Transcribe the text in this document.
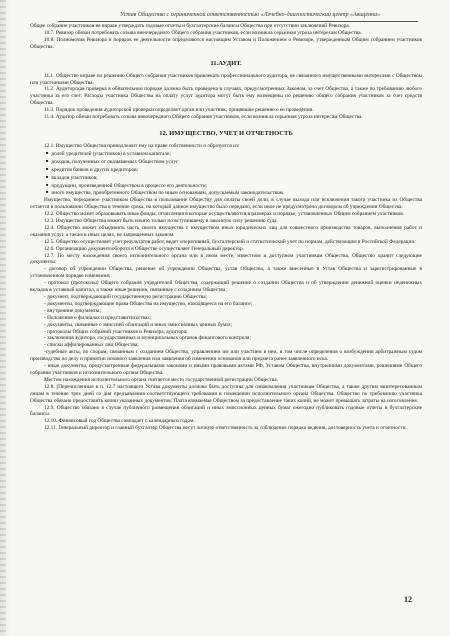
Устав Общества с ограниченной ответственностью «Лечебно-диагностический центр «Авиценна»

Общее собрание участников не вправе утверждать годовые отчеты и бухгалтерские балансы Общества при отсутствии заключений Ревизора.

10.7. Ревизор обязан потребовать созыва внеочередного Общего собрания участников, если возникла серьезная угроза интересам Общества.

10.8. Полномочия Ревизора и порядок ее деятельности определяются настоящим Уставом и Положением о Ревизоре, утвержденным Общим собранием участников Общества.

11.АУДИТ.

11.1. Общество вправе по решению Общего собрания участников привлекать профессионального аудитора, не связанного имущественными интересами с Обществом или участниками Общества.

11.2. Аудиторская проверка в обязательном порядке должна быть проведена в случаях, предусмотренных Законом, за счет Общества, а также по требованию любого участника за его счет. Расходы участника Общества на оплату услуг аудитора могут быть ему возмещены по решению общего собрания участников за счет средств Общества.

11.3. Порядок проведения аудиторской проверки определяет орган или участник, принявшие решение о ее проведении.

11.4. Аудитор обязан потребовать созыва внеочередного Общего собрания участников, если возникла серьезная угроза интересам Общества.

12. ИМУЩЕСТВО, УЧЕТ И ОТЧЕТНОСТЬ

12.1. Имущество Общества принадлежит ему на праве собственности и образуется из:

■ долей уредителей (участников) в уставном капитале;

■ доходов, полученных от оказываемых Обществом услуг

■ кредитов банков и других кредиторов;

■ вкладов участников;

■ продукции, произведенной Обществом в процессе его деятельности;

■ иного имущества, приобретенного Обществом по иным основаниям, допускаемым законодательством.

Имущество, переданное участником Общества в пользование Обществу для оплаты своей доли, в случае выхода или исключения такого участника из Общества остается в пользовании Общества в течение срока, на который данное имущество было передано, если иное не предусмотрено договором об учреждении Общества.

12.2. Общество может образовывать иные фонды, отчисления в которые осуществляются в размерах и порядке, установленных Общим собранием участников.

12.3. Имущество Общества может быть изъято только по вступившему в законную силу решению суда.

12.4. Общество может объединять часть своего имущества с имуществом иных юридических лиц для совместного производства товаров, выполнения работ и оказания услуг, а также в иных целях, не запрещенных законом.

12.5. Общество осуществляет учет результатов работ, ведет оперативный, бухгалтерский и статистический учет по нормам, действующим в Российской Федерации.

12.6. Организацию документооборота в Обществе осуществляет Генеральный директор.

12.7. По месту нахождения своего исполнительного органа или в ином месте, известном и доступном участникам Общества, Общество хранит следующие документы:

- договор об учреждении Общества, решение об учреждении Общества, устав Общества, а также внесенные в Устав Общества и зарегистрированные в установленном порядке изменения;

- протокол (протоколы) Общего собрания учредителей Общества, содержащий решение о создании Общества и об утверждении денежной оценки неденежных вкладов в уставный капитал, а также иные решения, связанные с созданием Общества;

- документ, подтверждающий государственную регистрацию Общества;

- документы, подтверждающие права Общества на имущество, находящееся на его балансе;

- внутренние документы;

- Положения о филиалах и представительствах;

- документы, связанные с эмиссией облигаций и иных эмиссионных ценных бумаг;

- протоколы Общих собраний участников и Ревизора, аудитора;

- заключения аудитора, государственных и муниципальных органов финансового контроля;

- списки аффилированных лиц Общества;

-судебные акты, по спорам, связанным с созданием Общества, управлением им или участием в нем, в том числе определения о возбуждении арбитражным судом производства по делу и принятии искового заявления или заявления об изменении основания или предмета ранее заявленного иска.

- иные документы, предусмотренные федеральными законами и иными правовыми актами РФ, Уставом Общества, внутренними документами, решениями Общего собрания участников и исполнительного органа Общества.

Местом нахождения исполнительного органа считается место государственной регистрации Общества.

12.8. [Перечисленные в п. 12.7 настоящего Устава документы должны быть доступны для ознакомления участникам Общества, а также другим заинтересованным лицам в течение трех дней со дня предъявления соответствующего требования в помещении исполнительного органа Общества. Общество по требованию участника Общества обязано предоставить копии указанных документов. Плата взимаемая Обществом за предоставление таких копий, не может превышать затраты на изготовление.

12.9. Общество обязано в случае публичного размещения облигаций и иных эмиссионных ценных бумаг ежегодно публиковать годовые отчеты и бухгалтерские балансы.

12.10. Финансовый год Общества совпадает с календарным годом.

12.11. Генеральный директор и главный бухгалтер Общества несут личную ответственность за соблюдение порядка ведения, достоверность учета и отчетности.

12
